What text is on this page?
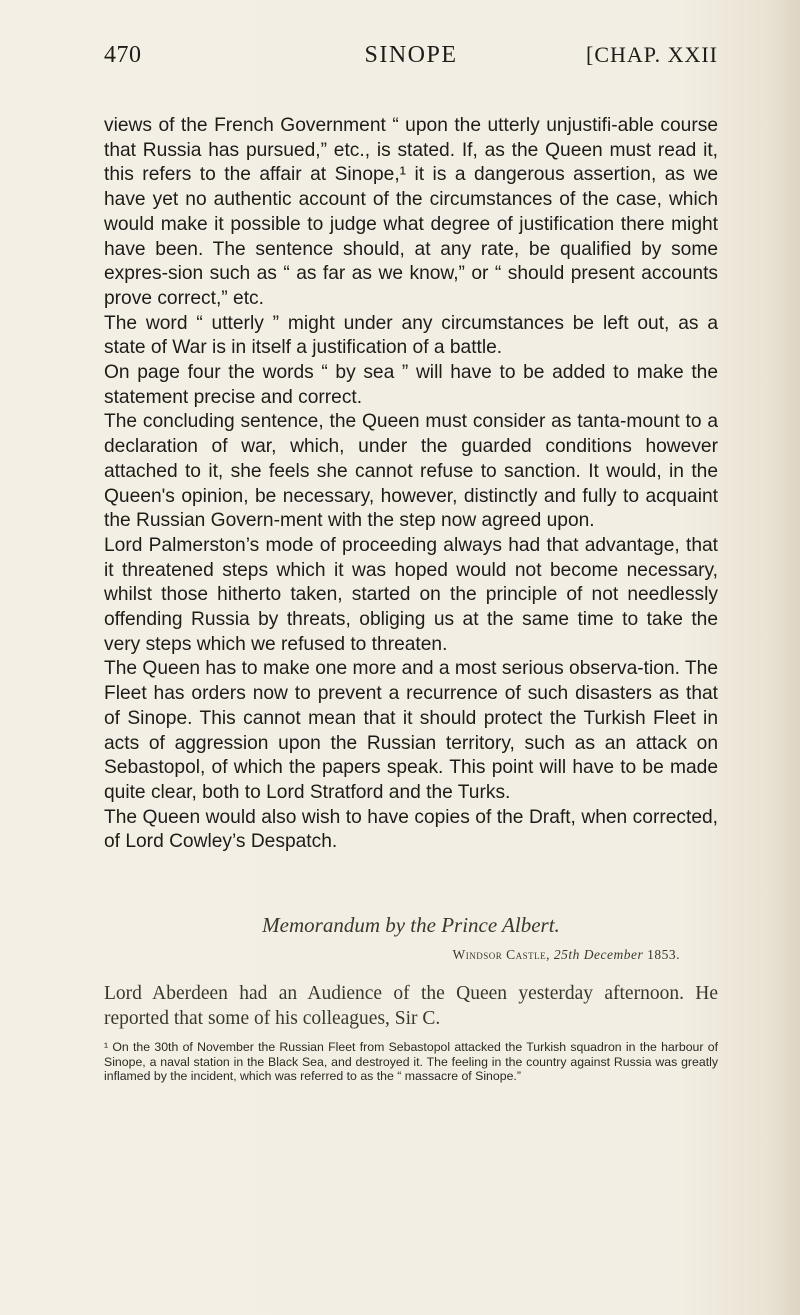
470	SINOPE	[CHAP. XXII

views of the French Government “ upon the utterly unjustifi-able course that Russia has pursued,” etc., is stated. If, as the Queen must read it, this refers to the affair at Sinope,¹ it is a dangerous assertion, as we have yet no authentic account of the circumstances of the case, which would make it possible to judge what degree of justification there might have been. The sentence should, at any rate, be qualified by some expres-sion such as “ as far as we know,” or “ should present accounts prove correct,” etc.

The word “ utterly ” might under any circumstances be left out, as a state of War is in itself a justification of a battle.

On page four the words “ by sea ” will have to be added to make the statement precise and correct.

The concluding sentence, the Queen must consider as tanta-mount to a declaration of war, which, under the guarded conditions however attached to it, she feels she cannot refuse to sanction. It would, in the Queen's opinion, be necessary, however, distinctly and fully to acquaint the Russian Govern-ment with the step now agreed upon.

Lord Palmerston’s mode of proceeding always had that advantage, that it threatened steps which it was hoped would not become necessary, whilst those hitherto taken, started on the principle of not needlessly offending Russia by threats, obliging us at the same time to take the very steps which we refused to threaten.

The Queen has to make one more and a most serious observa-tion. The Fleet has orders now to prevent a recurrence of such disasters as that of Sinope. This cannot mean that it should protect the Turkish Fleet in acts of aggression upon the Russian territory, such as an attack on Sebastopol, of which the papers speak. This point will have to be made quite clear, both to Lord Stratford and the Turks.

The Queen would also wish to have copies of the Draft, when corrected, of Lord Cowley’s Despatch.

Memorandum by the Prince Albert.
Windsor Castle, 25th December 1853.

Lord Aberdeen had an Audience of the Queen yesterday afternoon. He reported that some of his colleagues, Sir C.

¹ On the 30th of November the Russian Fleet from Sebastopol attacked the Turkish squadron in the harbour of Sinope, a naval station in the Black Sea, and destroyed it. The feeling in the country against Russia was greatly inflamed by the incident, which was referred to as the “ massacre of Sinope.”
